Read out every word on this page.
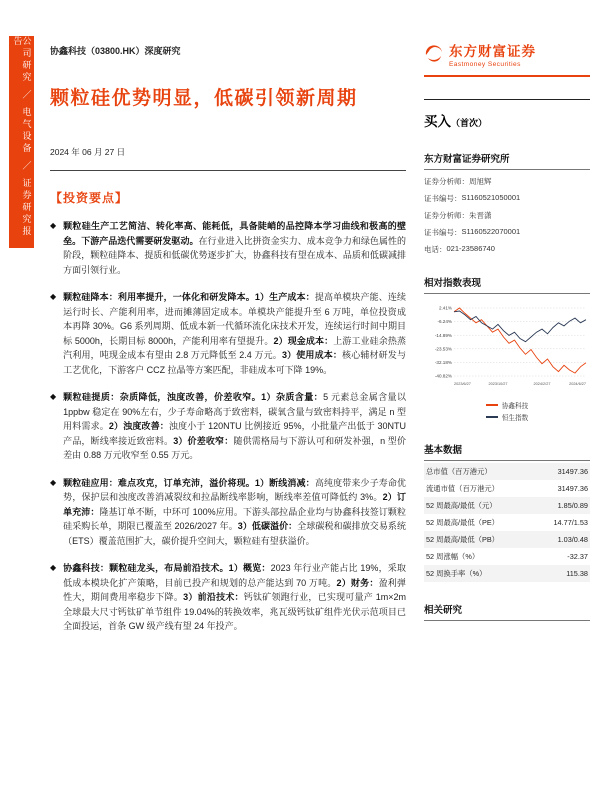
公司研究 ／ 电气设备 ／ 证券研究报告
协鑫科技（03800.HK）深度研究
颗粒硅优势明显，低碳引领新周期
2024 年 06 月 27 日
【投资要点】
◆ 颗粒硅生产工艺简洁、转化率高、能耗低，具备陡峭的品控降本学习曲线和极高的壁垒。下游产品迭代需要研发驱动。在行业进入比拼资金实力、成本竞争力和绿色属性的阶段，颗粒硅降本、提质和低碳优势逐步扩大，协鑫科技有望在成本、品质和低碳减排方面引领行业。
◆ 颗粒硅降本：利用率提升，一体化和研发降本。1）生产成本：提高单模块产能、连续运行时长、产能利用率，进而摊薄固定成本。单模块产能提升至 6 万吨，单位投资成本再降 30%。G6 系列周期、低成本新一代循环流化床技术开发，连续运行时间中期目标 5000h，长期目标 8000h，产能利用率有望提升。2）现金成本：上游工业硅余热蒸汽利用，吨现金成本有望由 2.8 万元降低至 2.4 万元。3）使用成本：核心辅材研发与工艺优化，下游客户 CCZ 拉晶等方案匹配，非硅成本可下降 19%。
◆ 颗粒硅提质：杂质降低，浊度改善，价差收窄。1）杂质含量：5 元素总金属含量以 1ppbw 稳定在 90%左右，少子寿命略高于致密料，碳氧含量与致密料持平，满足 n 型用料需求。2）浊度改善：浊度小于 120NTU 比例接近 95%，小批量产出低于 30NTU 产品，断线率接近致密料。3）价差收窄：随供需格局与下游认可和研发补强，n 型价差由 0.88 万元收窄至 0.55 万元。
◆ 颗粒硅应用：难点攻克，订单充沛，溢价将现。1）断线消减：高纯度带来少子寿命优势，保护层和浊度改善消减裂纹和拉晶断线率影响，断线率差值可降低约 3%。2）订单充沛：隆基订单不断，中环可 100%应用。下游头部拉晶企业均与协鑫科技签订颗粒硅采购长单，期限已覆盖至 2026/2027 年。3）低碳溢价：全球碳税和碳排放交易系统（ETS）覆盖范围扩大，碳价提升空间大，颗粒硅有望获溢价。
◆ 协鑫科技：颗粒硅龙头，布局前沿技术。1）概览：2023 年行业产能占比 19%，采取低成本模块化扩产策略，目前已投产和规划的总产能达到 70 万吨。2）财务：盈利弹性大，期间费用率稳步下降。3）前沿技术：钙钛矿领跑行业，已实现可量产 1m×2m 全球最大尺寸钙钛矿单节组件 19.04%的转换效率，兆瓦级钙钛矿组件光伏示范项目已全面投运，首条 GW 级产线有望 24 年投产。
东方财富证券
Eastmoney Securities
买入（首次）
东方财富证券研究所
证券分析师： 周旭辉
证书编号： S1160521050001
证券分析师： 朱晋潇
证书编号： S1160522070001
电话： 021-23586740
相对指数表现
2.41%
-6.24%
-14.89%
-23.53%
-32.18%
-40.82%
2023/6/27	2023/10/27	2024/2/27	2024/6/27
协鑫科技
恒生指数
基本数据
总市值（百万港元）	31497.36
流通市值（百万港元）	31497.36
52 周最高/最低（元）	1.85/0.89
52 周最高/最低（PE）	14.77/1.53
52 周最高/最低（PB）	1.03/0.48
52 周涨幅（%）	-32.37
52 周换手率（%）	115.38
相关研究
